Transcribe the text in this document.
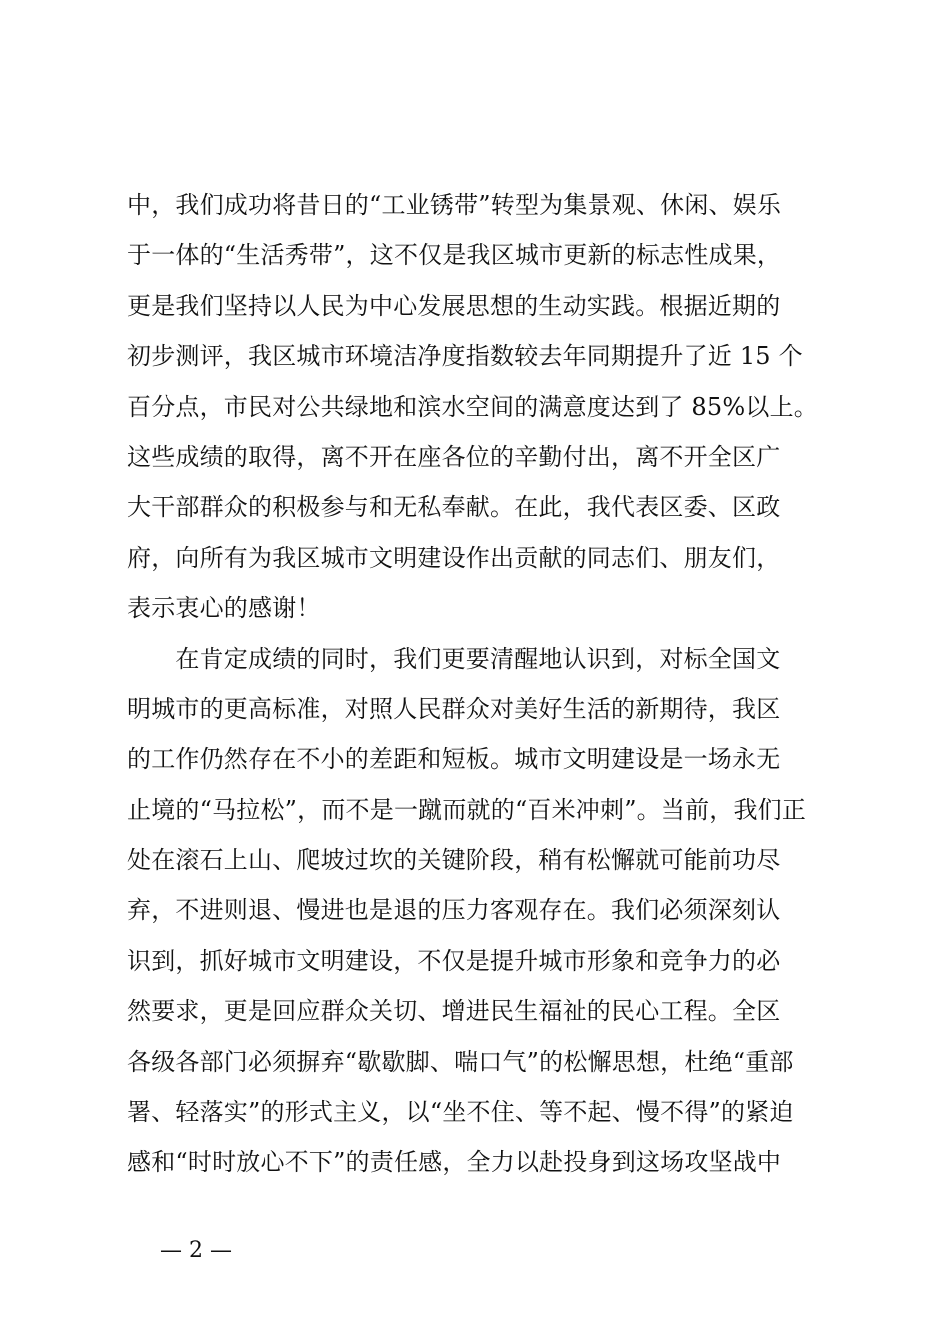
中，我们成功将昔日的“工业锈带”转型为集景观、休闲、娱乐
于一体的“生活秀带”，这不仅是我区城市更新的标志性成果，
更是我们坚持以人民为中心发展思想的生动实践。根据近期的
初步测评，我区城市环境洁净度指数较去年同期提升了近 15 个
百分点，市民对公共绿地和滨水空间的满意度达到了 85%以上。
这些成绩的取得，离不开在座各位的辛勤付出，离不开全区广
大干部群众的积极参与和无私奉献。在此，我代表区委、区政
府，向所有为我区城市文明建设作出贡献的同志们、朋友们，
表示衷心的感谢！
　　在肯定成绩的同时，我们更要清醒地认识到，对标全国文
明城市的更高标准，对照人民群众对美好生活的新期待，我区
的工作仍然存在不小的差距和短板。城市文明建设是一场永无
止境的“马拉松”，而不是一蹴而就的“百米冲刺”。当前，我们正
处在滚石上山、爬坡过坎的关键阶段，稍有松懈就可能前功尽
弃，不进则退、慢进也是退的压力客观存在。我们必须深刻认
识到，抓好城市文明建设，不仅是提升城市形象和竞争力的必
然要求，更是回应群众关切、增进民生福祉的民心工程。全区
各级各部门必须摒弃“歇歇脚、喘口气”的松懈思想，杜绝“重部
署、轻落实”的形式主义，以“坐不住、等不起、慢不得”的紧迫
感和“时时放心不下”的责任感，全力以赴投身到这场攻坚战中
— 2 —
